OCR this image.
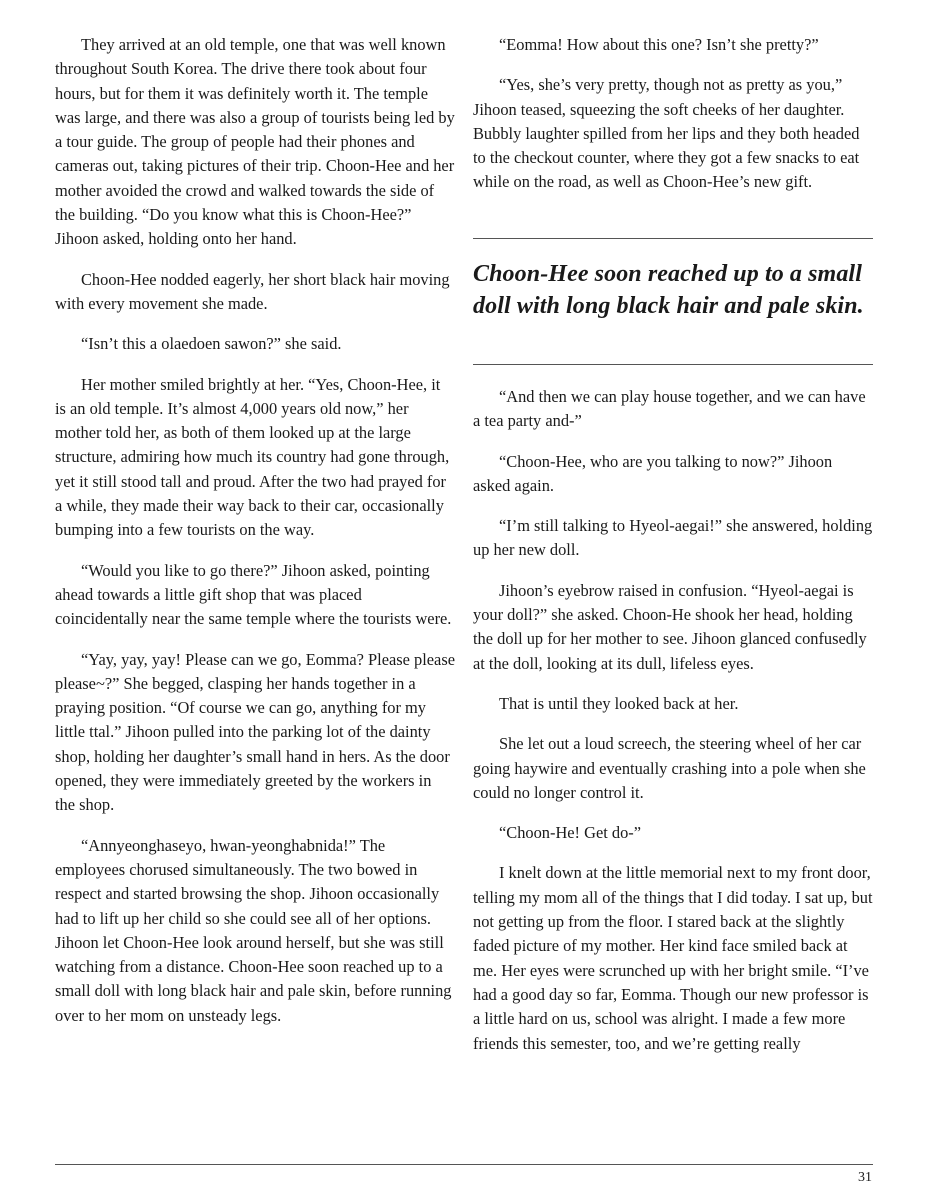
They arrived at an old temple, one that was well known throughout South Korea. The drive there took about four hours, but for them it was definitely worth it. The temple was large, and there was also a group of tourists being led by a tour guide. The group of people had their phones and cameras out, taking pictures of their trip. Choon-Hee and her mother avoided the crowd and walked towards the side of the building. “Do you know what this is Choon-Hee?” Jihoon asked, holding onto her hand.

Choon-Hee nodded eagerly, her short black hair moving with every movement she made.

“Isn’t this a olaedoen sawon?” she said.

Her mother smiled brightly at her. “Yes, Choon-Hee, it is an old temple. It’s almost 4,000 years old now,” her mother told her, as both of them looked up at the large structure, admiring how much its country had gone through, yet it still stood tall and proud. After the two had prayed for a while, they made their way back to their car, occasionally bumping into a few tourists on the way.

“Would you like to go there?” Jihoon asked, pointing ahead towards a little gift shop that was placed coincidentally near the same temple where the tourists were.

“Yay, yay, yay! Please can we go, Eomma? Please please please~?” She begged, clasping her hands together in a praying position. “Of course we can go, anything for my little ttal.” Jihoon pulled into the parking lot of the dainty shop, holding her daughter’s small hand in hers. As the door opened, they were immediately greeted by the workers in the shop.

“Annyeonghaseyo, hwan-yeonghabnida!” The employees chorused simultaneously. The two bowed in respect and started browsing the shop. Jihoon occasionally had to lift up her child so she could see all of her options. Jihoon let Choon-Hee look around herself, but she was still watching from a distance. Choon-Hee soon reached up to a small doll with long black hair and pale skin, before running over to her mom on unsteady legs.

“Eomma! How about this one? Isn’t she pretty?”

“Yes, she’s very pretty, though not as pretty as you,” Jihoon teased, squeezing the soft cheeks of her daughter. Bubbly laughter spilled from her lips and they both headed to the checkout counter, where they got a few snacks to eat while on the road, as well as Choon-Hee’s new gift.

Choon-Hee soon reached up to a small doll with long black hair and pale skin.

“And then we can play house together, and we can have a tea party and-”

“Choon-Hee, who are you talking to now?” Jihoon asked again.

“I’m still talking to Hyeol-aegai!” she answered, holding up her new doll.

Jihoon’s eyebrow raised in confusion. “Hyeol-aegai is your doll?” she asked. Choon-He shook her head, holding the doll up for her mother to see. Jihoon glanced confusedly at the doll, looking at its dull, lifeless eyes.

That is until they looked back at her.

She let out a loud screech, the steering wheel of her car going haywire and eventually crashing into a pole when she could no longer control it.

“Choon-He! Get do-”

I knelt down at the little memorial next to my front door, telling my mom all of the things that I did today. I sat up, but not getting up from the floor. I stared back at the slightly faded picture of my mother. Her kind face smiled back at me. Her eyes were scrunched up with her bright smile. “I’ve had a good day so far, Eomma. Though our new professor is a little hard on us, school was alright. I made a few more friends this semester, too, and we’re getting really

31
